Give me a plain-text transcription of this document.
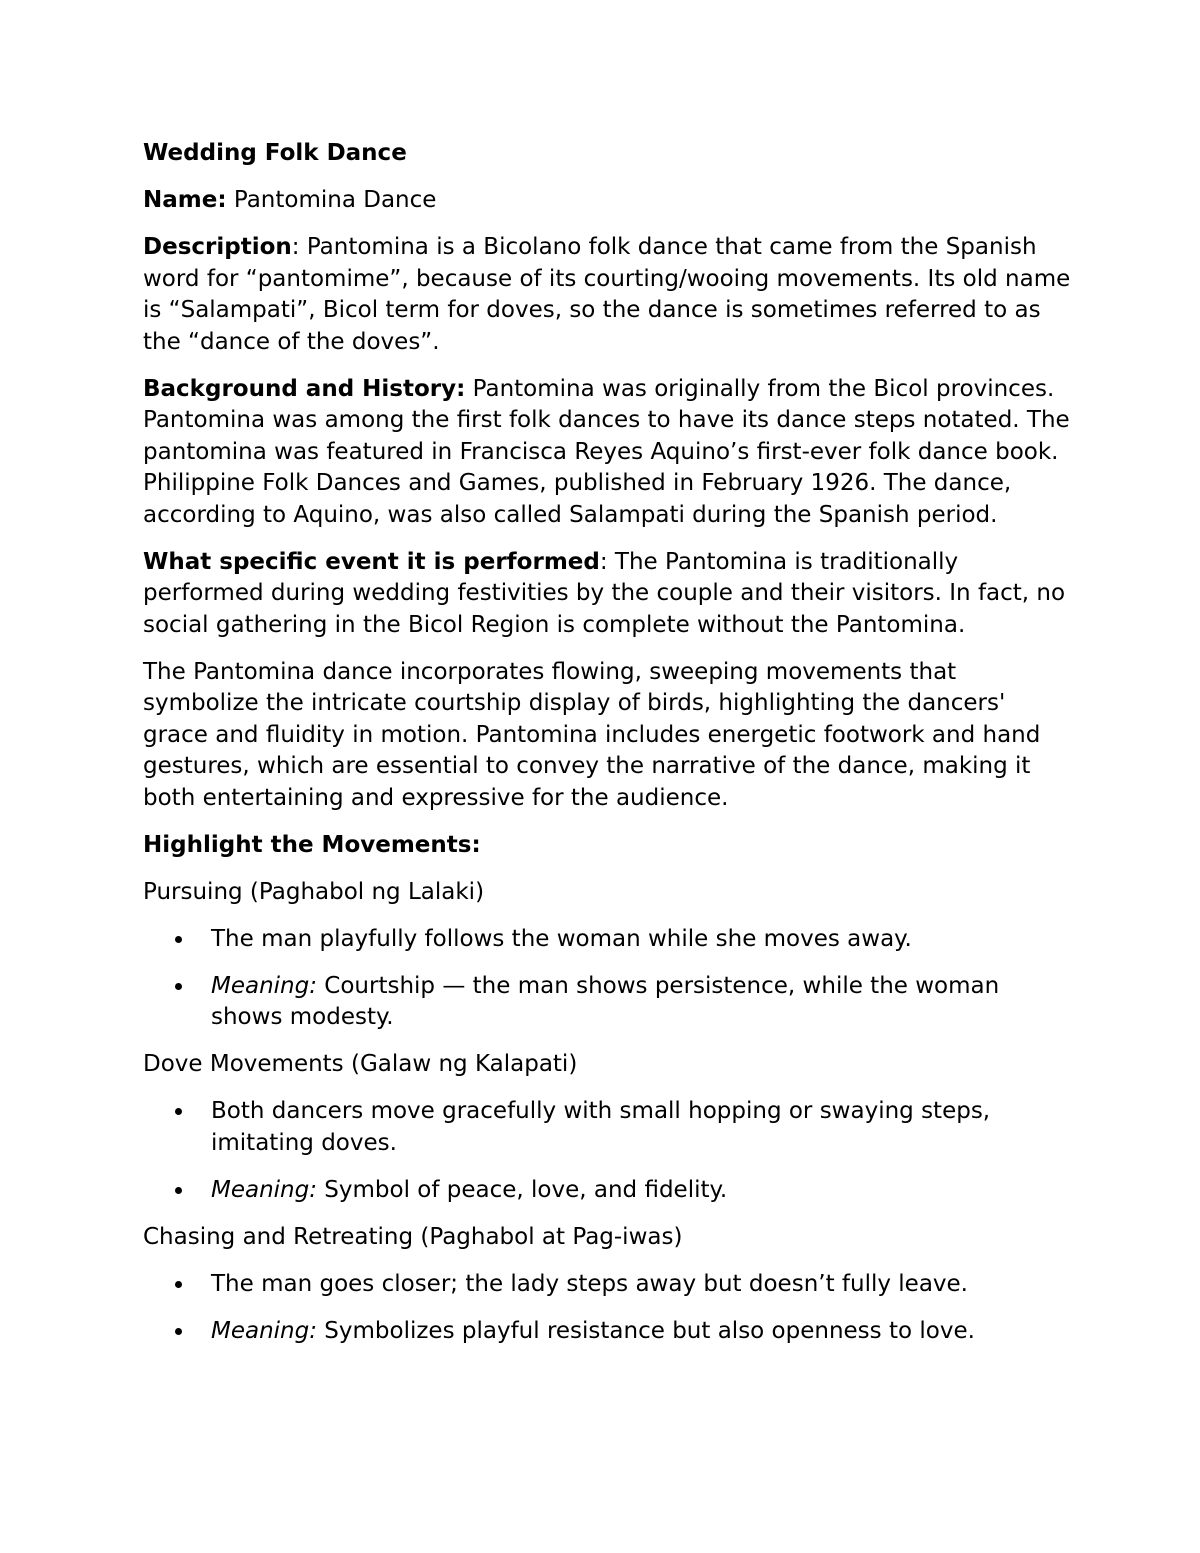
Wedding Folk Dance

Name: Pantomina Dance

Description: Pantomina is a Bicolano folk dance that came from the Spanish word for “pantomime”, because of its courting/wooing movements. Its old name is “Salampati”, Bicol term for doves, so the dance is sometimes referred to as the “dance of the doves”.

Background and History: Pantomina was originally from the Bicol provinces. Pantomina was among the first folk dances to have its dance steps notated. The pantomina was featured in Francisca Reyes Aquino’s first-ever folk dance book. Philippine Folk Dances and Games, published in February 1926. The dance, according to Aquino, was also called Salampati during the Spanish period.

What specific event it is performed: The Pantomina is traditionally performed during wedding festivities by the couple and their visitors. In fact, no social gathering in the Bicol Region is complete without the Pantomina.

The Pantomina dance incorporates flowing, sweeping movements that symbolize the intricate courtship display of birds, highlighting the dancers' grace and fluidity in motion. Pantomina includes energetic footwork and hand gestures, which are essential to convey the narrative of the dance, making it both entertaining and expressive for the audience.

Highlight the Movements:

Pursuing (Paghabol ng Lalaki)

The man playfully follows the woman while she moves away.
Meaning: Courtship — the man shows persistence, while the woman shows modesty.

Dove Movements (Galaw ng Kalapati)

Both dancers move gracefully with small hopping or swaying steps, imitating doves.
Meaning: Symbol of peace, love, and fidelity.

Chasing and Retreating (Paghabol at Pag-iwas)

The man goes closer; the lady steps away but doesn’t fully leave.
Meaning: Symbolizes playful resistance but also openness to love.
